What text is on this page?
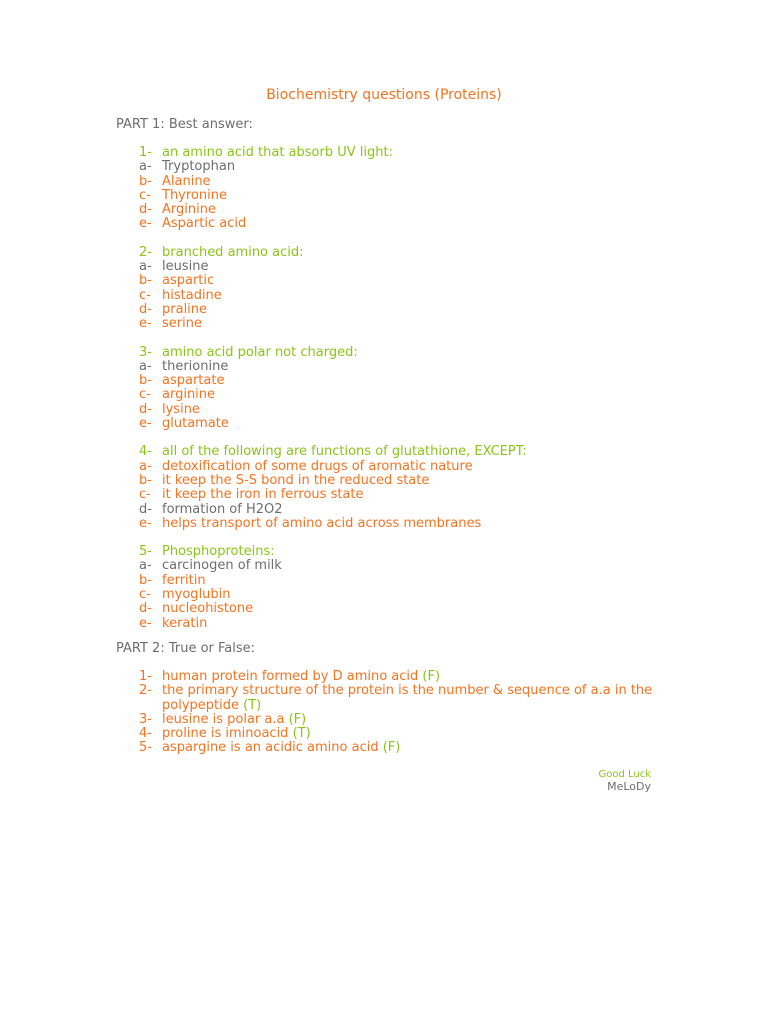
Biochemistry questions (Proteins)
PART 1: Best answer:
1- an amino acid that absorb UV light:
a- Tryptophan
b- Alanine
c- Thyronine
d- Arginine
e- Aspartic acid
2- branched amino acid:
a- leusine
b- aspartic
c- histadine
d- praline
e- serine
3- amino acid polar not charged:
a- therionine
b- aspartate
c- arginine
d- lysine
e- glutamate
4- all of the following are functions of glutathione, EXCEPT:
a- detoxification of some drugs of aromatic nature
b- it keep the S-S bond in the reduced state
c- it keep the iron in ferrous state
d- formation of H2O2
e- helps transport of amino acid across membranes
5- Phosphoproteins:
a- carcinogen of milk
b- ferritin
c- myoglubin
d- nucleohistone
e- keratin
PART 2: True or False:
1- human protein formed by D amino acid (F)
2- the primary structure of the protein is the number & sequence of a.a in the polypeptide (T)
3- leusine is polar a.a (F)
4- proline is iminoacid (T)
5- aspargine is an acidic amino acid (F)
Good Luck
MeLoDy
